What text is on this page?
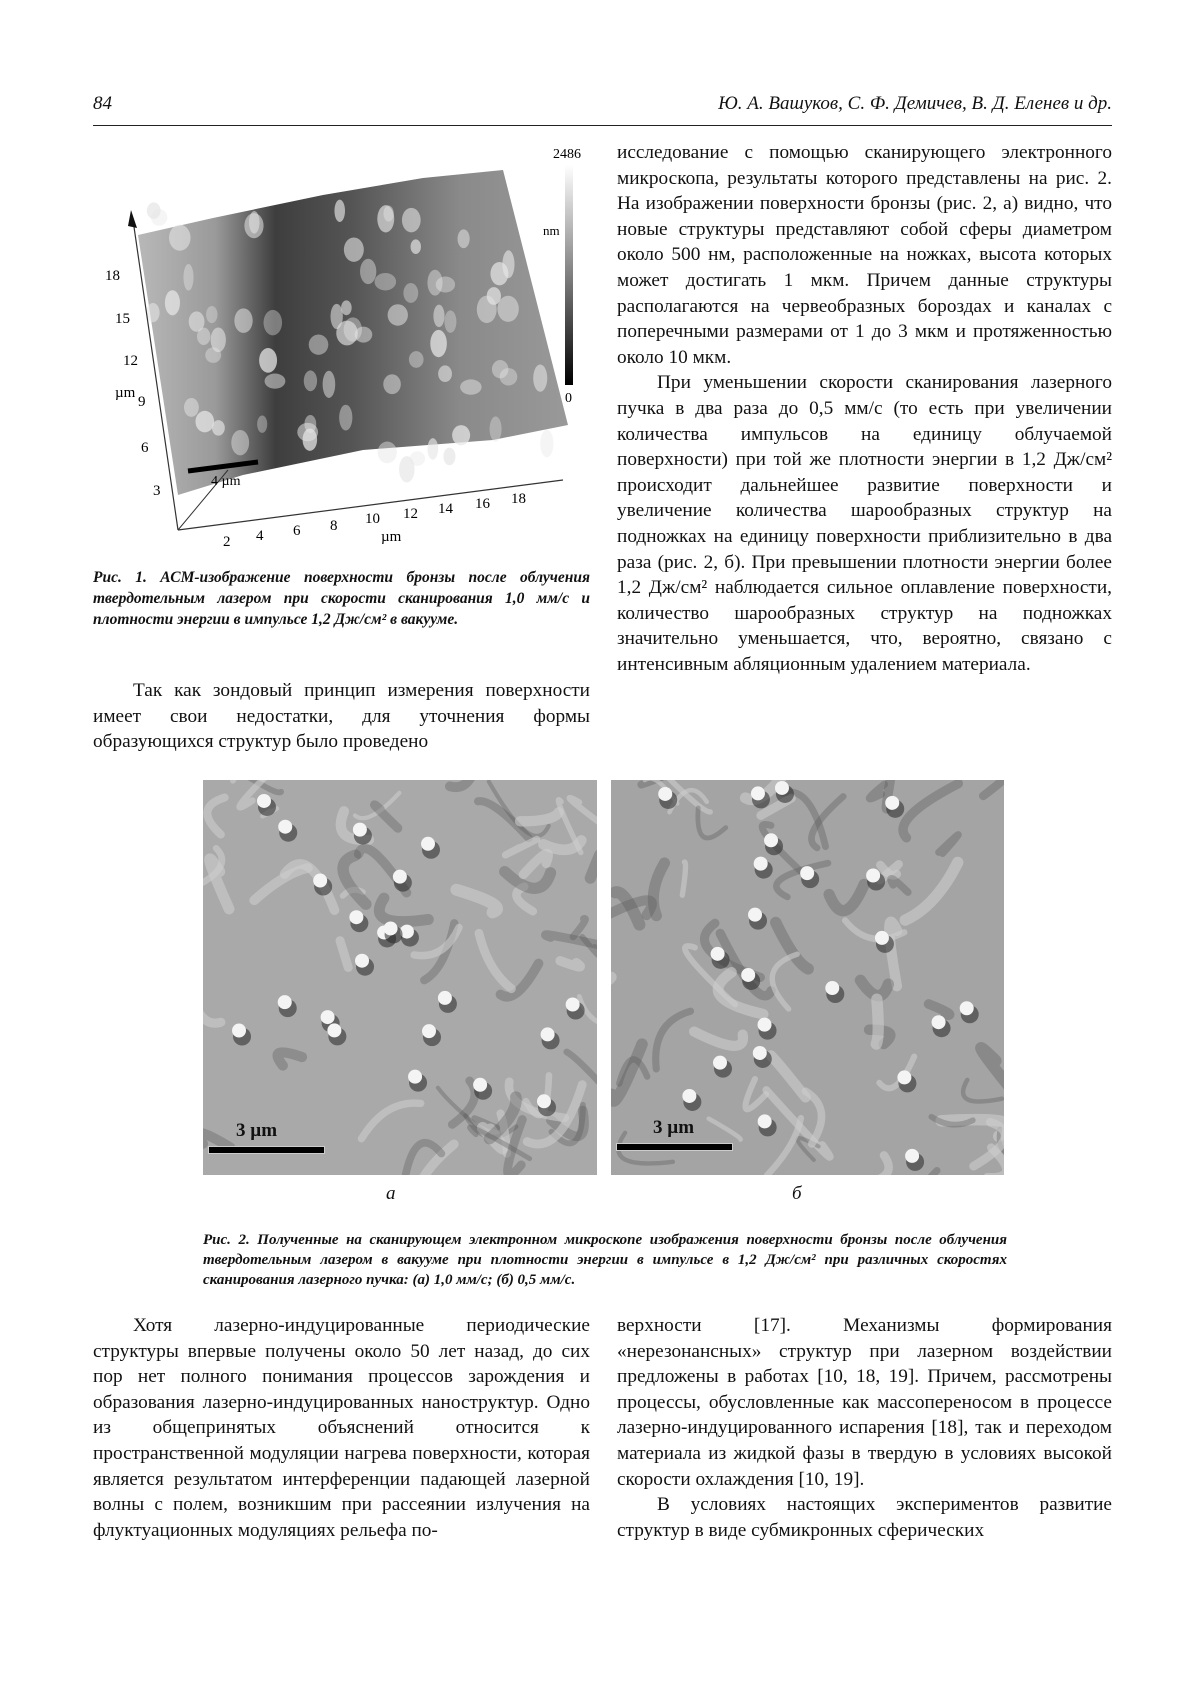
84	Ю. А. Вашуков, С. Ф. Демичев, В. Д. Еленев и др.
2486
nm
0
18
15
12
9
6
3
µm
2 4 6 8 10 12 14 16 18
µm
4 µm
Рис. 1. АСМ-изображение поверхности бронзы после облучения твердотельным лазером при скорости сканирования 1,0 мм/с и плотности энергии в импульсе 1,2 Дж/см² в вакууме.

Так как зондовый принцип измерения поверхности имеет свои недостатки, для уточнения формы образующихся структур было проведено

исследование с помощью сканирующего электронного микроскопа, результаты которого представлены на рис. 2. На изображении поверхности бронзы (рис. 2, а) видно, что новые структуры представляют собой сферы диаметром около 500 нм, расположенные на ножках, высота которых может достигать 1 мкм. Причем данные структуры располагаются на червеобразных бороздах и каналах с поперечными размерами от 1 до 3 мкм и протяженностью около 10 мкм.

При уменьшении скорости сканирования лазерного пучка в два раза до 0,5 мм/с (то есть при увеличении количества импульсов на единицу облучаемой поверхности) при той же плотности энергии в 1,2 Дж/см² происходит дальнейшее развитие поверхности и увеличение количества шарообразных структур на подножках на единицу поверхности приблизительно в два раза (рис. 2, б). При превышении плотности энергии более 1,2 Дж/см² наблюдается сильное оплавление поверхности, количество шарообразных структур на подножках значительно уменьшается, что, вероятно, связано с интенсивным абляционным удалением материала.

3 µm	3 µm
а	б
Рис. 2. Полученные на сканирующем электронном микроскопе изображения поверхности бронзы после облучения твердотельным лазером в вакууме при плотности энергии в импульсе в 1,2 Дж/см² при различных скоростях сканирования лазерного пучка: (а) 1,0 мм/с; (б) 0,5 мм/с.

Хотя лазерно-индуцированные периодические структуры впервые получены около 50 лет назад, до сих пор нет полного понимания процессов зарождения и образования лазерно-индуцированных наноструктур. Одно из общепринятых объяснений относится к пространственной модуляции нагрева поверхности, которая является результатом интерференции падающей лазерной волны с полем, возникшим при рассеянии излучения на флуктуационных модуляциях рельефа по-

верхности [17]. Механизмы формирования «нерезонансных» структур при лазерном воздействии предложены в работах [10, 18, 19]. Причем, рассмотрены процессы, обусловленные как массопереносом в процессе лазерно-индуцированного испарения [18], так и переходом материала из жидкой фазы в твердую в условиях высокой скорости охлаждения [10, 19].

В условиях настоящих экспериментов развитие структур в виде субмикронных сферических
